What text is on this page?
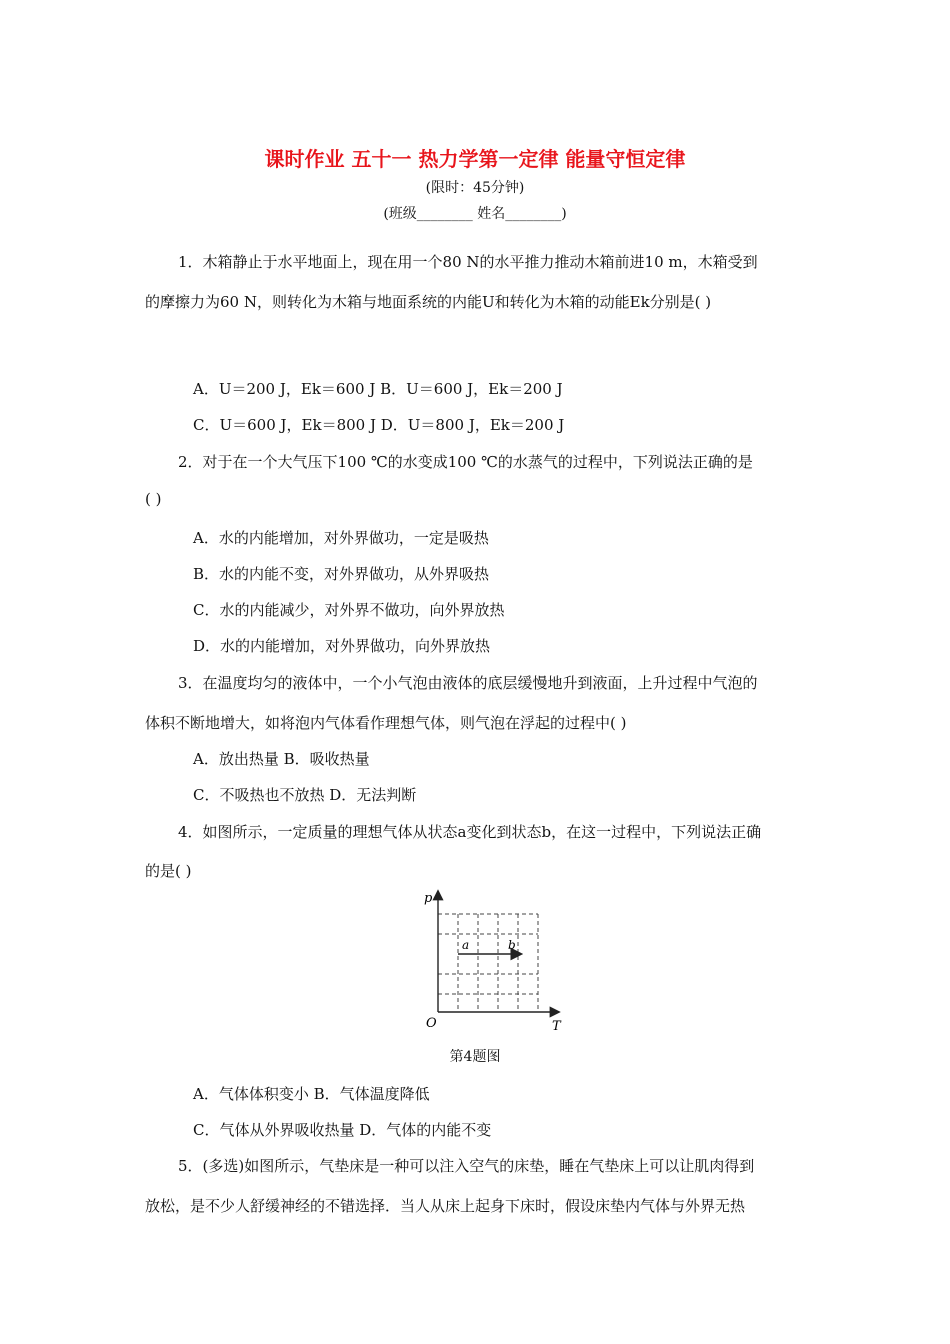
课时作业 五十一 热力学第一定律 能量守恒定律
(限时：45分钟)
(班级________ 姓名________)
1．木箱静止于水平地面上，现在用一个80 N的水平推力推动木箱前进10 m，木箱受到
的摩擦力为60 N，则转化为木箱与地面系统的内能U和转化为木箱的动能Ek分别是( )
A．U＝200 J，Ek＝600 J B．U＝600 J，Ek＝200 J
C．U＝600 J，Ek＝800 J D．U＝800 J，Ek＝200 J
2．对于在一个大气压下100 ℃的水变成100 ℃的水蒸气的过程中，下列说法正确的是
( )
A．水的内能增加，对外界做功，一定是吸热
B．水的内能不变，对外界做功，从外界吸热
C．水的内能减少，对外界不做功，向外界放热
D．水的内能增加，对外界做功，向外界放热
3．在温度均匀的液体中，一个小气泡由液体的底层缓慢地升到液面，上升过程中气泡的
体积不断地增大，如将泡内气体看作理想气体，则气泡在浮起的过程中( )
A．放出热量 B．吸收热量
C．不吸热也不放热 D．无法判断
4．如图所示，一定质量的理想气体从状态a变化到状态b，在这一过程中，下列说法正确
的是( )
p
T
O
a	b
第4题图
A．气体体积变小 B．气体温度降低
C．气体从外界吸收热量 D．气体的内能不变
5．(多选)如图所示，气垫床是一种可以注入空气的床垫，睡在气垫床上可以让肌肉得到
放松，是不少人舒缓神经的不错选择．当人从床上起身下床时，假设床垫内气体与外界无热
